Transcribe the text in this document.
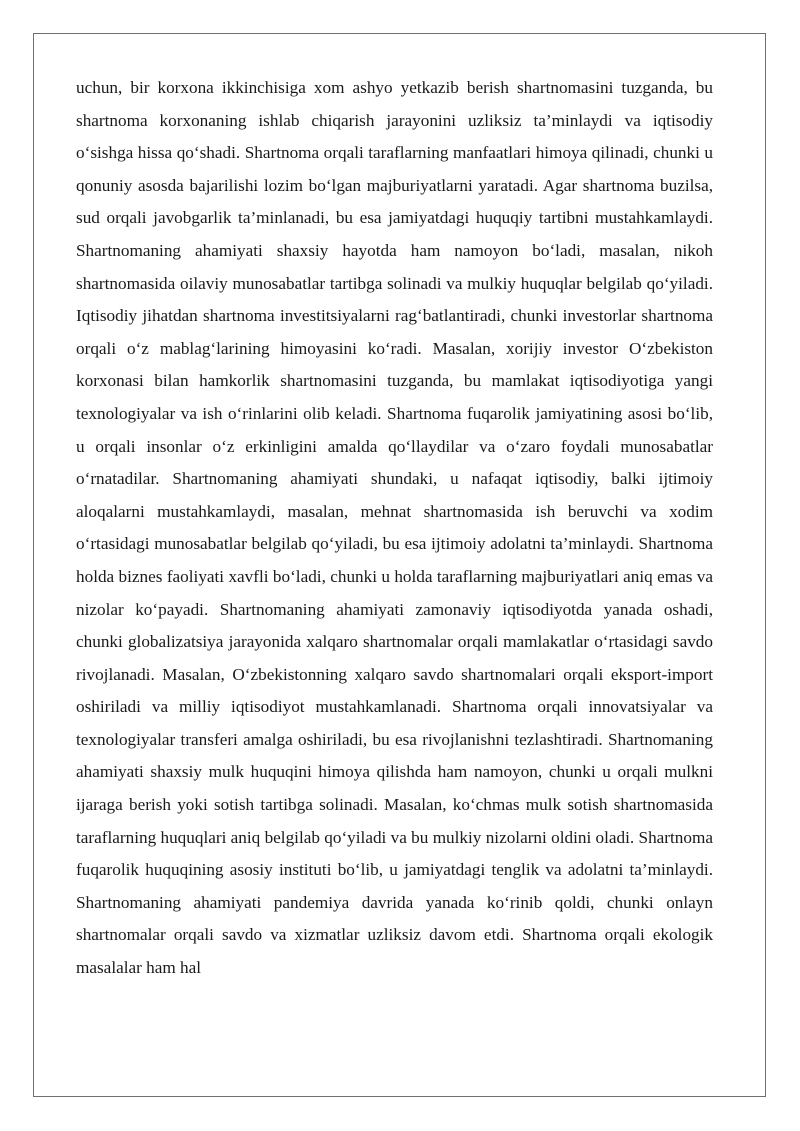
uchun, bir korxona ikkinchisiga xom ashyo yetkazib berish shartnomasini tuzganda, bu shartnoma korxonaning ishlab chiqarish jarayonini uzliksiz ta’minlaydi va iqtisodiy o‘sishga hissa qo‘shadi. Shartnoma orqali taraflarning manfaatlari himoya qilinadi, chunki u qonuniy asosda bajarilishi lozim bo‘lgan majburiyatlarni yaratadi. Agar shartnoma buzilsa, sud orqali javobgarlik ta’minlanadi, bu esa jamiyatdagi huquqiy tartibni mustahkamlaydi. Shartnomaning ahamiyati shaxsiy hayotda ham namoyon bo‘ladi, masalan, nikoh shartnomasida oilaviy munosabatlar tartibga solinadi va mulkiy huquqlar belgilab qo‘yiladi. Iqtisodiy jihatdan shartnoma investitsiyalarni rag‘batlantiradi, chunki investorlar shartnoma orqali o‘z mablag‘larining himoyasini ko‘radi. Masalan, xorijiy investor O‘zbekiston korxonasi bilan hamkorlik shartnomasini tuzganda, bu mamlakat iqtisodiyotiga yangi texnologiyalar va ish o‘rinlarini olib keladi. Shartnoma fuqarolik jamiyatining asosi bo‘lib, u orqali insonlar o‘z erkinligini amalda qo‘llaydilar va o‘zaro foydali munosabatlar o‘rnatadilar. Shartnomaning ahamiyati shundaki, u nafaqat iqtisodiy, balki ijtimoiy aloqalarni mustahkamlaydi, masalan, mehnat shartnomasida ish beruvchi va xodim o‘rtasidagi munosabatlar belgilab qo‘yiladi, bu esa ijtimoiy adolatni ta’minlaydi. Shartnoma holda biznes faoliyati xavfli bo‘ladi, chunki u holda taraflarning majburiyatlari aniq emas va nizolar ko‘payadi. Shartnomaning ahamiyati zamonaviy iqtisodiyotda yanada oshadi, chunki globalizatsiya jarayonida xalqaro shartnomalar orqali mamlakatlar o‘rtasidagi savdo rivojlanadi. Masalan, O‘zbekistonning xalqaro savdo shartnomalari orqali eksport-import oshiriladi va milliy iqtisodiyot mustahkamlanadi. Shartnoma orqali innovatsiyalar va texnologiyalar transferi amalga oshiriladi, bu esa rivojlanishni tezlashtiradi. Shartnomaning ahamiyati shaxsiy mulk huquqini himoya qilishda ham namoyon, chunki u orqali mulkni ijaraga berish yoki sotish tartibga solinadi. Masalan, ko‘chmas mulk sotish shartnomasida taraflarning huquqlari aniq belgilab qo‘yiladi va bu mulkiy nizolarni oldini oladi. Shartnoma fuqarolik huquqining asosiy instituti bo‘lib, u jamiyatdagi tenglik va adolatni ta’minlaydi. Shartnomaning ahamiyati pandemiya davrida yanada ko‘rinib qoldi, chunki onlayn shartnomalar orqali savdo va xizmatlar uzliksiz davom etdi. Shartnoma orqali ekologik masalalar ham hal
